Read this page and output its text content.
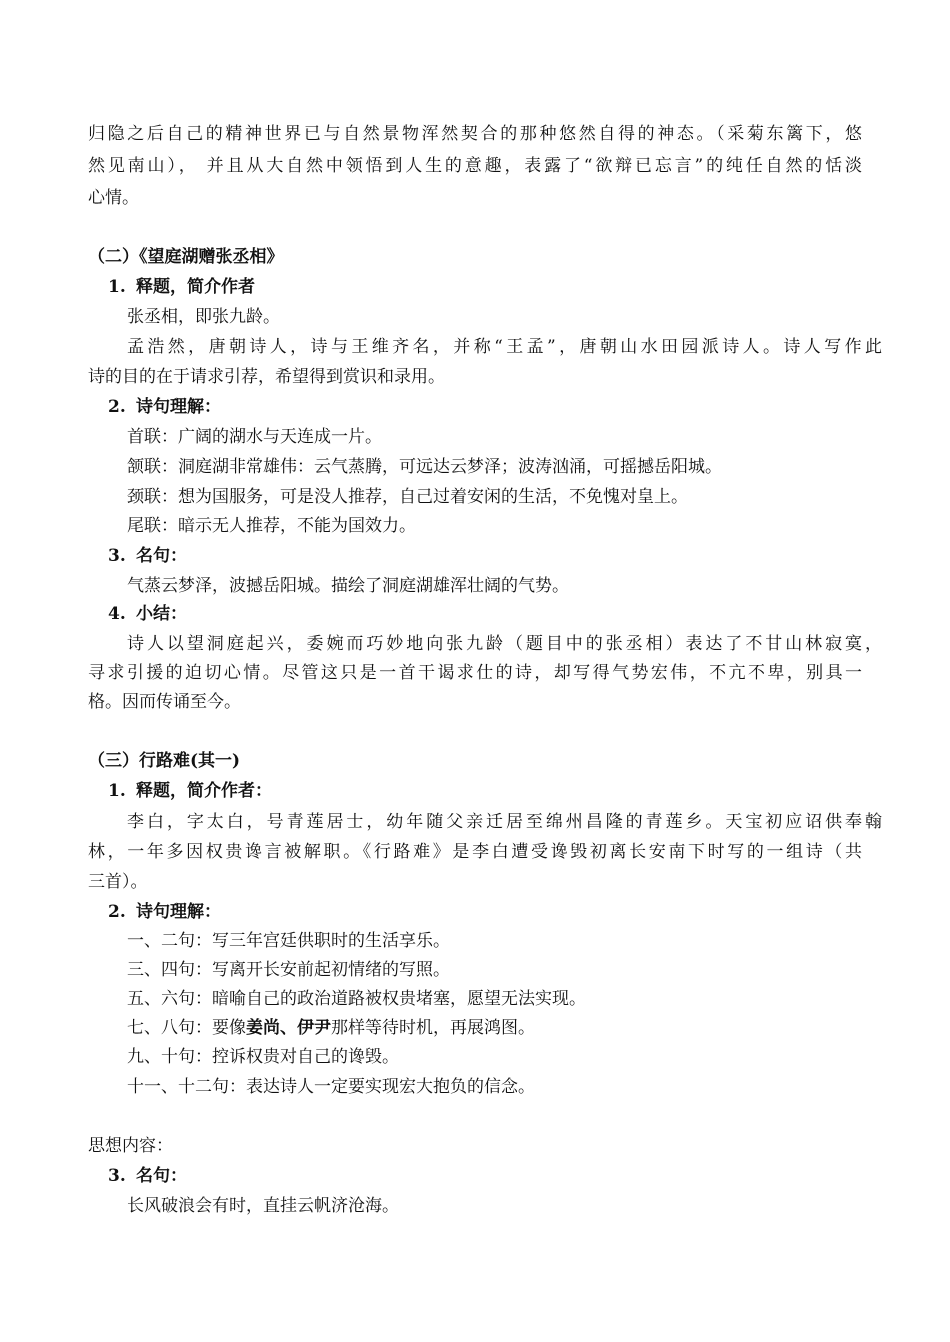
归隐之后自己的精神世界已与自然景物浑然契合的那种悠然自得的神态。（采菊东篱下，悠
然见南山）， 并且从大自然中领悟到人生的意趣，表露了“欲辩已忘言”的纯任自然的恬淡
心情。
（二）《望庭湖赠张丞相》
1. 释题，简介作者
张丞相，即张九龄。
孟浩然，唐朝诗人，诗与王维齐名，并称“王孟”，唐朝山水田园派诗人。诗人写作此
诗的目的在于请求引荐，希望得到赏识和录用。
2. 诗句理解：
首联：广阔的湖水与天连成一片。
颔联：洞庭湖非常雄伟：云气蒸腾，可远达云梦泽；波涛汹涌，可摇撼岳阳城。
颈联：想为国服务，可是没人推荐，自己过着安闲的生活，不免愧对皇上。
尾联：暗示无人推荐，不能为国效力。
3. 名句：
气蒸云梦泽，波撼岳阳城。描绘了洞庭湖雄浑壮阔的气势。
4. 小结：
诗人以望洞庭起兴，委婉而巧妙地向张九龄（题目中的张丞相）表达了不甘山林寂寞，
寻求引援的迫切心情。尽管这只是一首干谒求仕的诗，却写得气势宏伟，不亢不卑，别具一
格。因而传诵至今。
（三）行路难(其一)
1. 释题，简介作者：
李白，字太白，号青莲居士，幼年随父亲迁居至绵州昌隆的青莲乡。天宝初应诏供奉翰
林，一年多因权贵谗言被解职。《行路难》是李白遭受谗毁初离长安南下时写的一组诗（共
三首）。
2. 诗句理解：
一、二句：写三年宫廷供职时的生活享乐。
三、四句：写离开长安前起初情绪的写照。
五、六句：暗喻自己的政治道路被权贵堵塞，愿望无法实现。
七、八句：要像姜尚、伊尹那样等待时机，再展鸿图。
九、十句：控诉权贵对自己的谗毁。
十一、十二句：表达诗人一定要实现宏大抱负的信念。
思想内容：
3. 名句：
长风破浪会有时，直挂云帆济沧海。
